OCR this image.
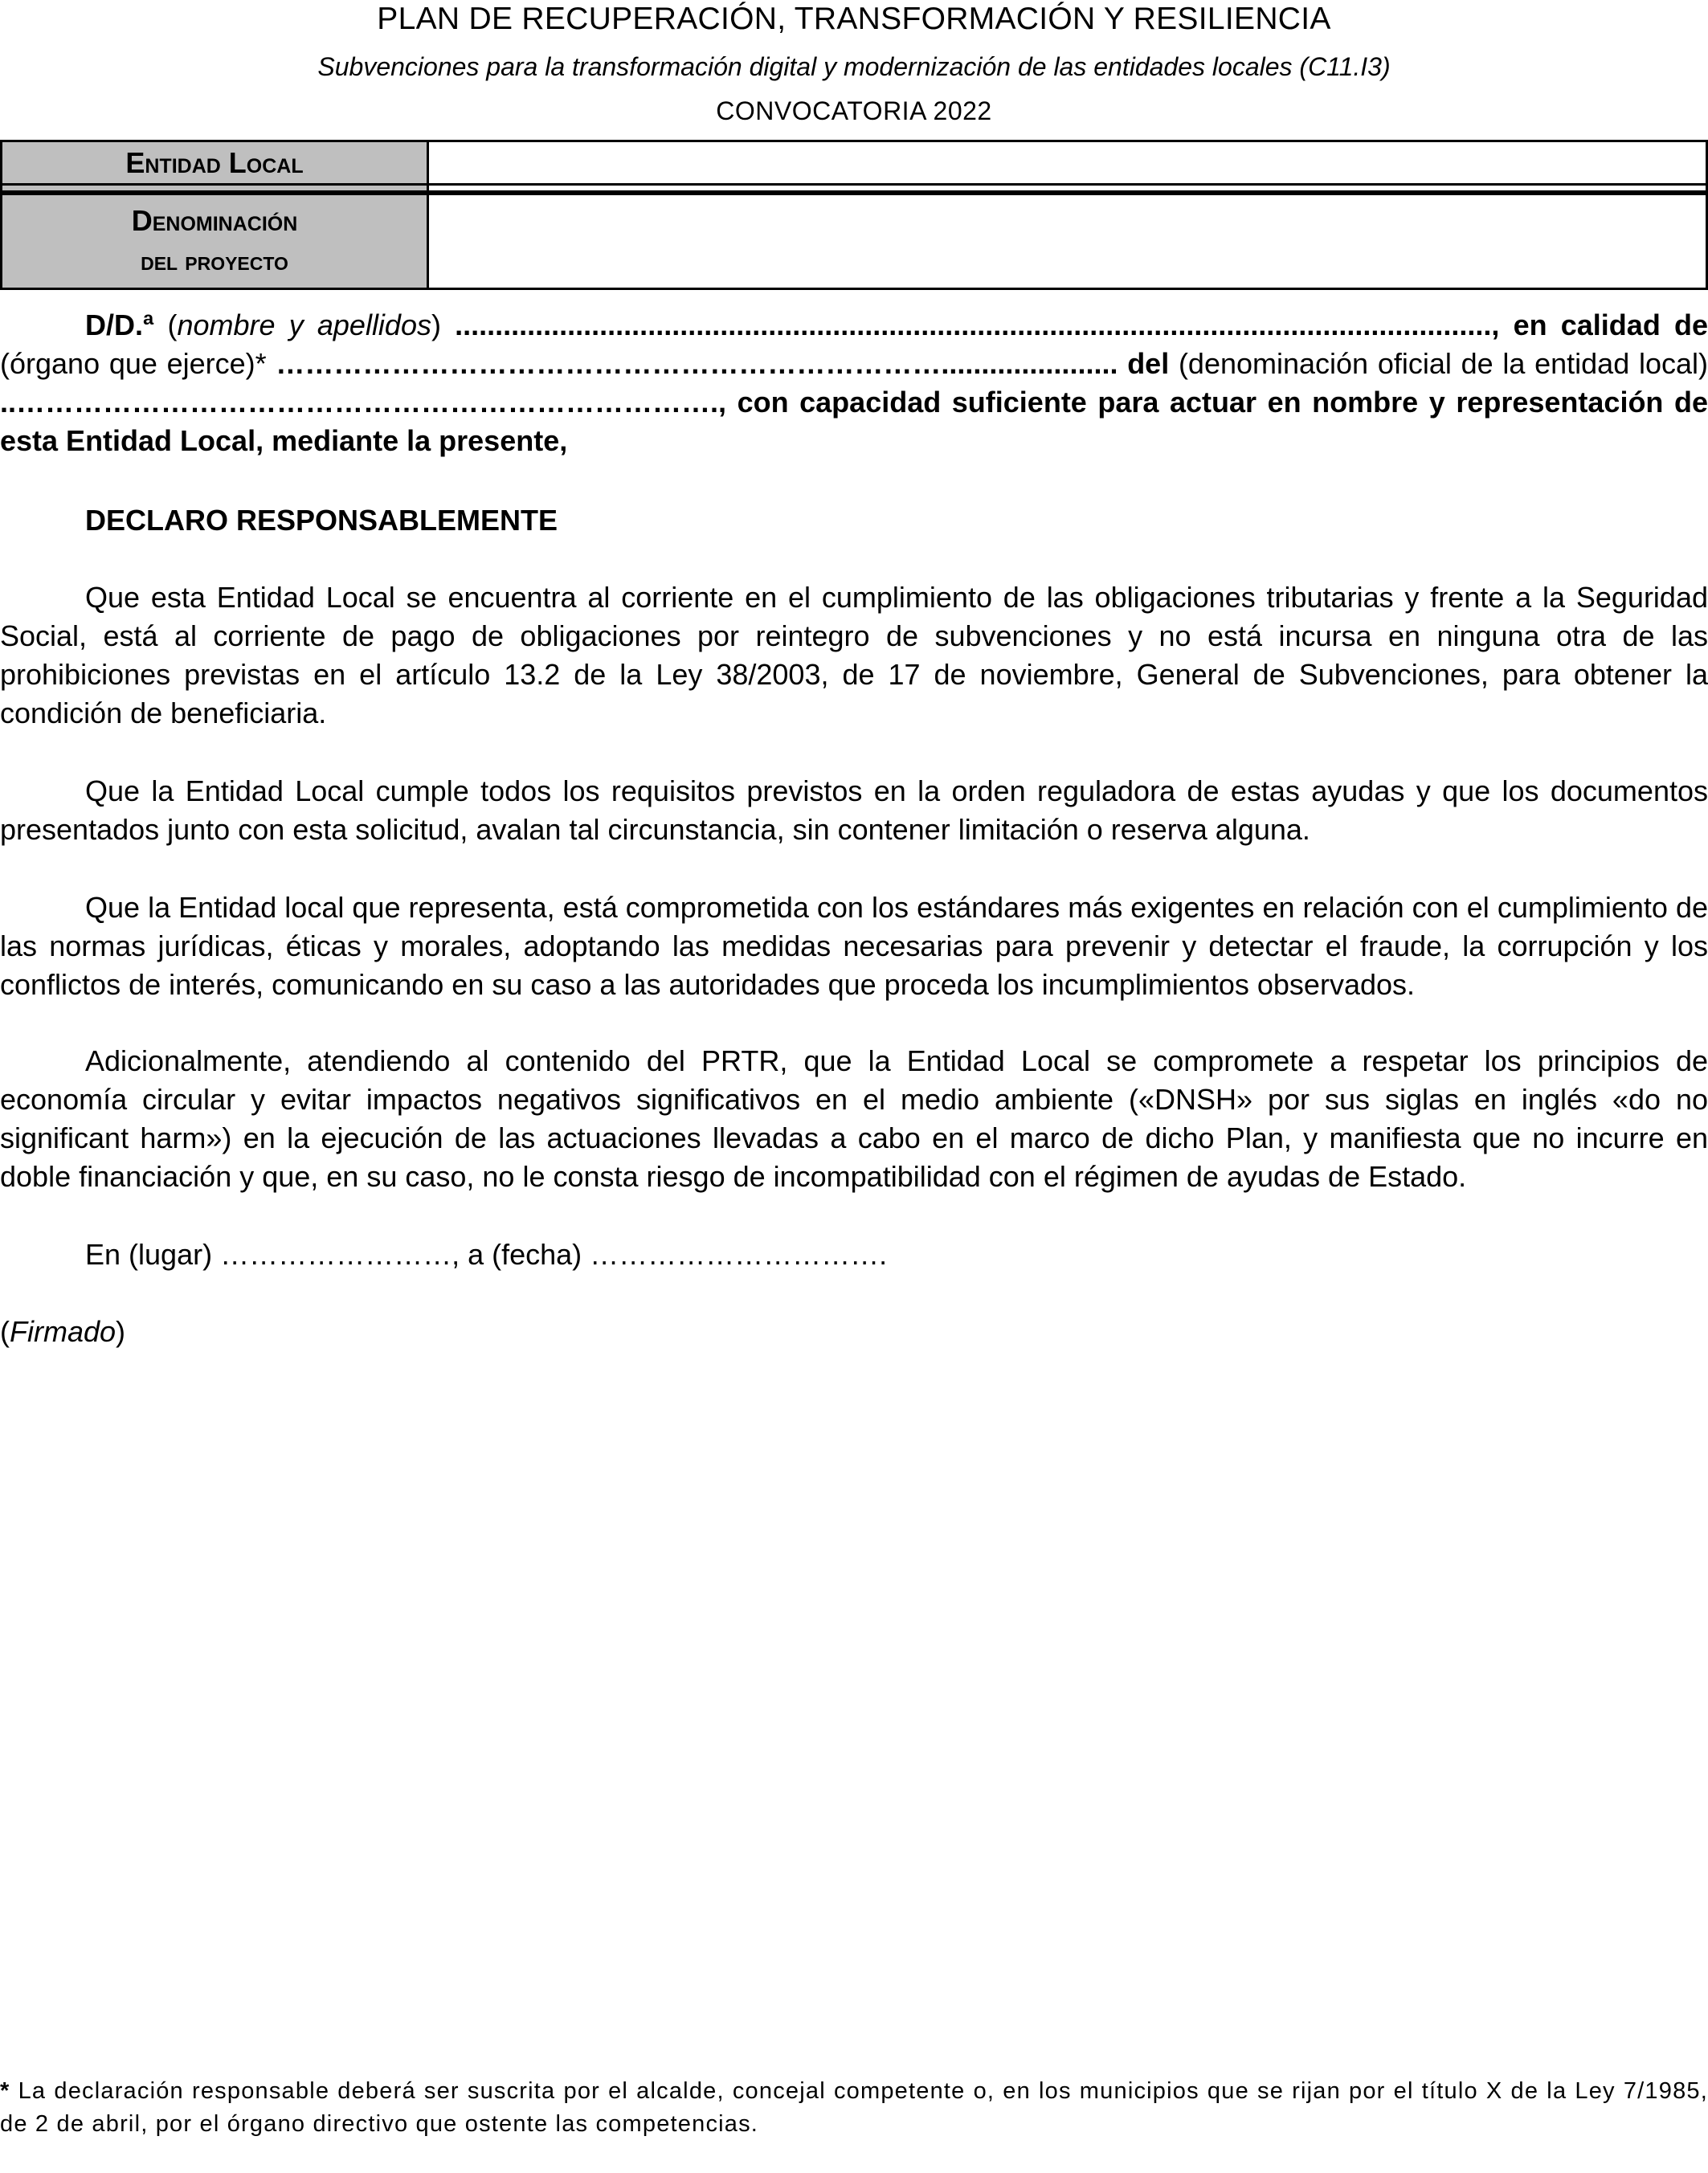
PLAN DE RECUPERACIÓN, TRANSFORMACIÓN Y RESILIENCIA
Subvenciones para la transformación digital y modernización de las entidades locales (C11.I3)
CONVOCATORIA 2022
Entidad Local
Denominación
del proyecto
D/D.ª (nombre y apellidos) ................................................................................................................................., en calidad de (órgano que ejerce)* ……………………………………………………………...................... del (denominación oficial de la entidad local) ..………………………………………………………………., con capacidad suficiente para actuar en nombre y representación de esta Entidad Local, mediante la presente,
DECLARO RESPONSABLEMENTE
Que esta Entidad Local se encuentra al corriente en el cumplimiento de las obligaciones tributarias y frente a la Seguridad Social, está al corriente de pago de obligaciones por reintegro de subvenciones y no está incursa en ninguna otra de las prohibiciones previstas en el artículo 13.2 de la Ley 38/2003, de 17 de noviembre, General de Subvenciones, para obtener la condición de beneficiaria.
Que la Entidad Local cumple todos los requisitos previstos en la orden reguladora de estas ayudas y que los documentos presentados junto con esta solicitud, avalan tal circunstancia, sin contener limitación o reserva alguna.
Que la Entidad local que representa, está comprometida con los estándares más exigentes en relación con el cumplimiento de las normas jurídicas, éticas y morales, adoptando las medidas necesarias para prevenir y detectar el fraude, la corrupción y los conflictos de interés, comunicando en su caso a las autoridades que proceda los incumplimientos observados.
Adicionalmente, atendiendo al contenido del PRTR, que la Entidad Local se compromete a respetar los principios de economía circular y evitar impactos negativos significativos en el medio ambiente («DNSH» por sus siglas en inglés «do no significant harm») en la ejecución de las actuaciones llevadas a cabo en el marco de dicho Plan, y manifiesta que no incurre en doble financiación y que, en su caso, no le consta riesgo de incompatibilidad con el régimen de ayudas de Estado.
En (lugar) ……………………, a (fecha) ………………………….
(Firmado)
* La declaración responsable deberá ser suscrita por el alcalde, concejal competente o, en los municipios que se rijan por el título X de la Ley 7/1985, de 2 de abril, por el órgano directivo que ostente las competencias.
